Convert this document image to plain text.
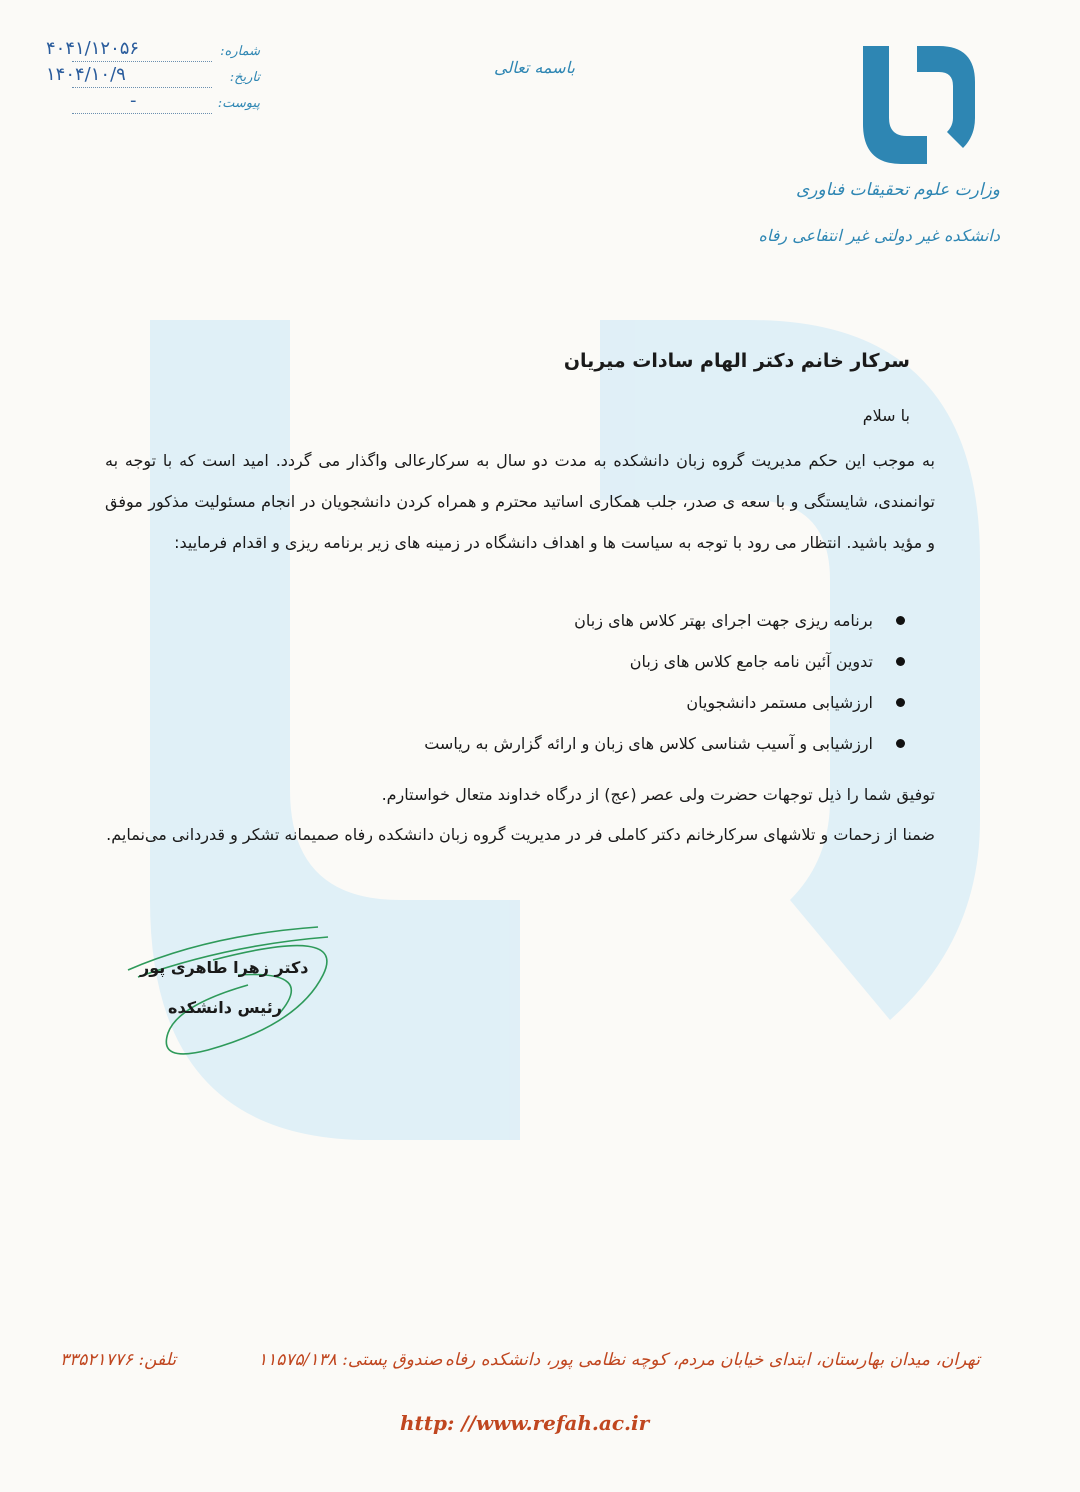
وزارت علوم تحقیقات فناوری
دانشکده غیر دولتی غیر انتفاعی رفاه
باسمه تعالی
شماره:
۴۰۴۱/۱۲۰۵۶
تاریخ:
۱۴۰۴/۱۰/۹
پیوست:
-
سرکار خانم دکتر الهام سادات میریان
با سلام
به موجب این حکم مدیریت گروه زبان دانشکده به مدت دو سال به سرکارعالی واگذار می گردد. امید است که با توجه به توانمندی، شایستگی و با سعه ی صدر، جلب همکاری اساتید محترم و همراه کردن دانشجویان در انجام مسئولیت مذکور موفق و مؤید باشید. انتظار می رود با توجه به سیاست ها و اهداف دانشگاه در زمینه های زیر برنامه ریزی و اقدام فرمایید:
برنامه ریزی جهت اجرای بهتر کلاس های زبان
تدوین آئین نامه جامع کلاس های زبان
ارزشیابی مستمر دانشجویان
ارزشیابی و آسیب شناسی کلاس های زبان و ارائه گزارش به ریاست
توفیق شما را ذیل توجهات حضرت ولی عصر (عج) از درگاه خداوند متعال خواستارم.
ضمنا از زحمات و تلاشهای سرکارخانم دکتر کاملی فر در مدیریت گروه زبان دانشکده رفاه صمیمانه تشکر و قدردانی می‌نمایم.
دکتر زهرا طاهری پور
رئیس دانشکده
تهران، میدان بهارستان، ابتدای خیابان مردم، کوچه نظامی پور، دانشکده رفاه
صندوق پستی: ۱۱۵۷۵/۱۳۸
تلفن: ۳۳۵۲۱۷۷۶
http: //www.refah.ac.ir
